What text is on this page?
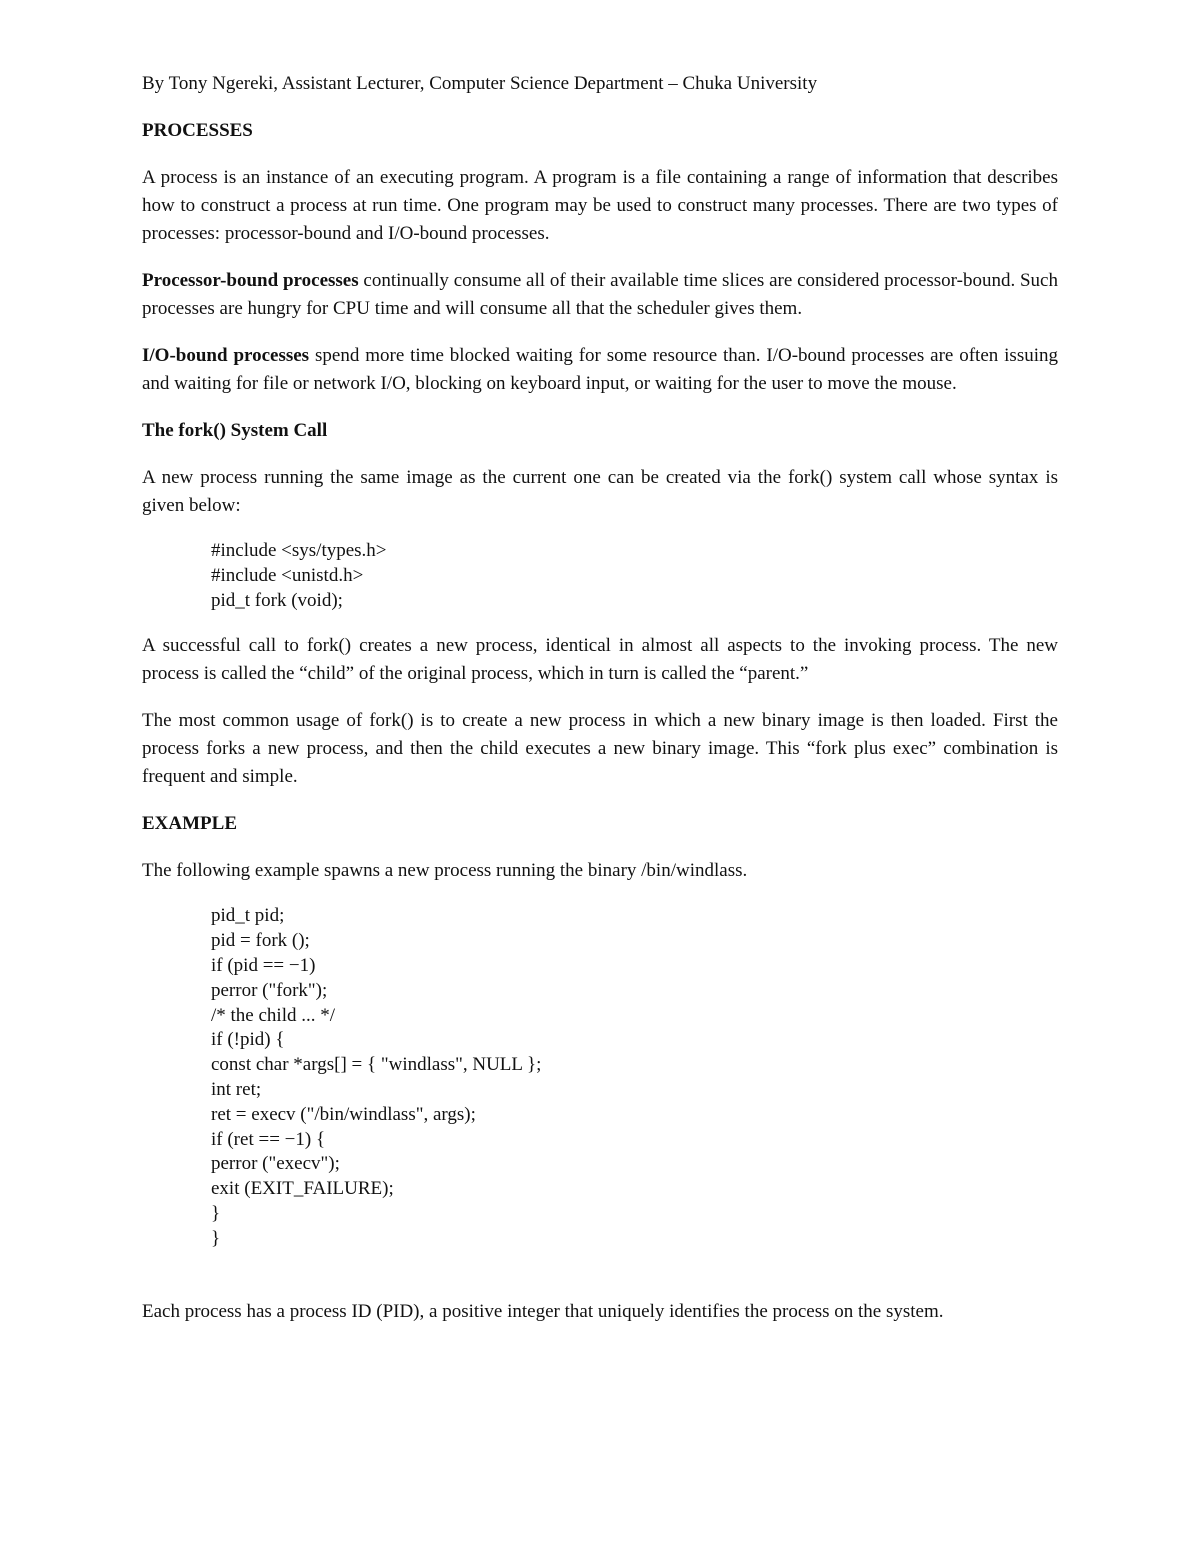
By Tony Ngereki, Assistant Lecturer, Computer Science Department – Chuka University

PROCESSES

A process is an instance of an executing program. A program is a file containing a range of information that describes how to construct a process at run time. One program may be used to construct many processes. There are two types of processes: processor-bound and I/O-bound processes.

Processor-bound processes continually consume all of their available time slices are considered processor-bound. Such processes are hungry for CPU time and will consume all that the scheduler gives them.

I/O-bound processes spend more time blocked waiting for some resource than. I/O-bound processes are often issuing and waiting for file or network I/O, blocking on keyboard input, or waiting for the user to move the mouse.

The fork() System Call

A new process running the same image as the current one can be created via the fork() system call whose syntax is given below:

#include <sys/types.h>
#include <unistd.h>
pid_t fork (void);

A successful call to fork() creates a new process, identical in almost all aspects to the invoking process. The new process is called the “child” of the original process, which in turn is called the “parent.”

The most common usage of fork() is to create a new process in which a new binary image is then loaded. First the process forks a new process, and then the child executes a new binary image. This “fork plus exec” combination is frequent and simple.

EXAMPLE

The following example spawns a new process running the binary /bin/windlass.

pid_t pid;
pid = fork ();
if (pid == −1)
perror ("fork");
/* the child ... */
if (!pid) {
const char *args[] = { "windlass", NULL };
int ret;
ret = execv ("/bin/windlass", args);
if (ret == −1) {
perror ("execv");
exit (EXIT_FAILURE);
}
}

Each process has a process ID (PID), a positive integer that uniquely identifies the process on the system.
